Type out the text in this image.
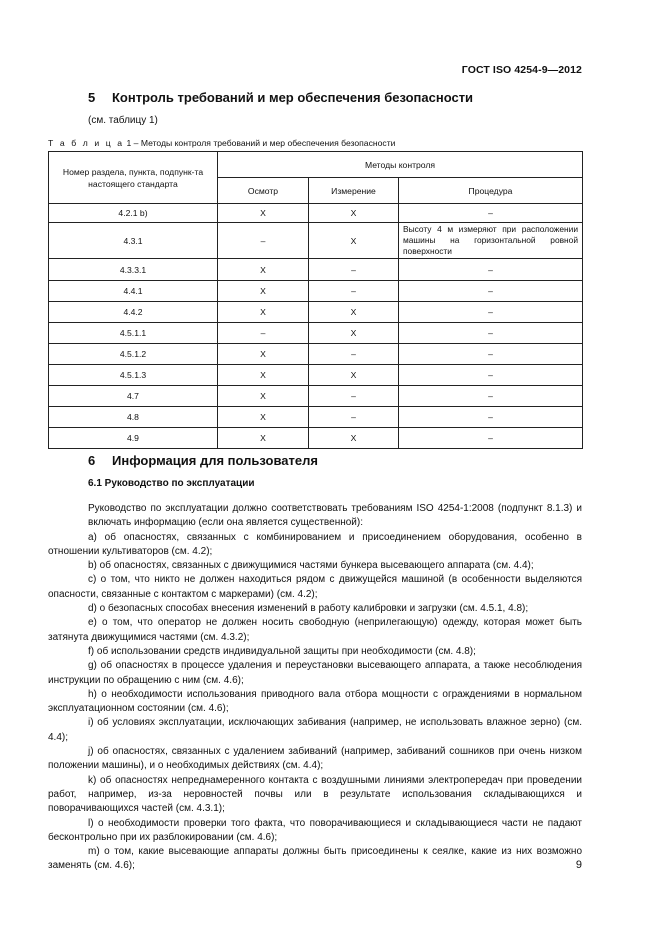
ГОСТ ISO 4254-9—2012
5 Контроль требований и мер обеспечения безопасности
(см. таблицу 1)
Т а б л и ц а 1 – Методы контроля требований и мер обеспечения безопасности
Номер раздела, пункта, подпунк-та настоящего стандарта	Методы контроля		
	Осмотр	Измерение	Процедура
4.2.1 b)	X	X	–
4.3.1	–	X	Высоту 4 м измеряют при расположении машины на горизонтальной ровной поверхности
4.3.3.1	X	–	–
4.4.1	X	–	–
4.4.2	X	X	–
4.5.1.1	–	X	–
4.5.1.2	X	–	–
4.5.1.3	X	X	–
4.7	X	–	–
4.8	X	–	–
4.9	X	X	–
6 Информация для пользователя
6.1 Руководство по эксплуатации

Руководство по эксплуатации должно соответствовать требованиям ISO 4254-1:2008 (подпункт 8.1.3) и включать информацию (если она является существенной):

a) об опасностях, связанных с комбинированием и присоединением оборудования, особенно в отношении культиваторов (см. 4.2);

b) об опасностях, связанных с движущимися частями бункера высевающего аппарата (см. 4.4);

c) о том, что никто не должен находиться рядом с движущейся машиной (в особенности выделяются опасности, связанные с контактом с маркерами) (см. 4.2);

d) о безопасных способах внесения изменений в работу калибровки и загрузки (см. 4.5.1, 4.8);

e) о том, что оператор не должен носить свободную (неприлегающую) одежду, которая может быть затянута движущимися частями (см. 4.3.2);

f) об использовании средств индивидуальной защиты при необходимости (см. 4.8);

g) об опасностях в процессе удаления и переустановки высевающего аппарата, а также несоблюдения инструкции по обращению с ним (см. 4.6);

h) о необходимости использования приводного вала отбора мощности с ограждениями в нормальном эксплуатационном состоянии (см. 4.6);

i) об условиях эксплуатации, исключающих забивания (например, не использовать влажное зерно) (см. 4.4);

j) об опасностях, связанных с удалением забиваний (например, забиваний сошников при очень низком положении машины), и о необходимых действиях (см. 4.4);

k) об опасностях непреднамеренного контакта с воздушными линиями электропередач при проведении работ, например, из-за неровностей почвы или в результате использования складывающихся и поворачивающихся частей (см. 4.3.1);

l) о необходимости проверки того факта, что поворачивающиеся и складывающиеся части не падают бесконтрольно при их разблокировании (см. 4.6);

m) о том, какие высевающие аппараты должны быть присоединены к сеялке, какие из них возможно заменять (см. 4.6);	9
